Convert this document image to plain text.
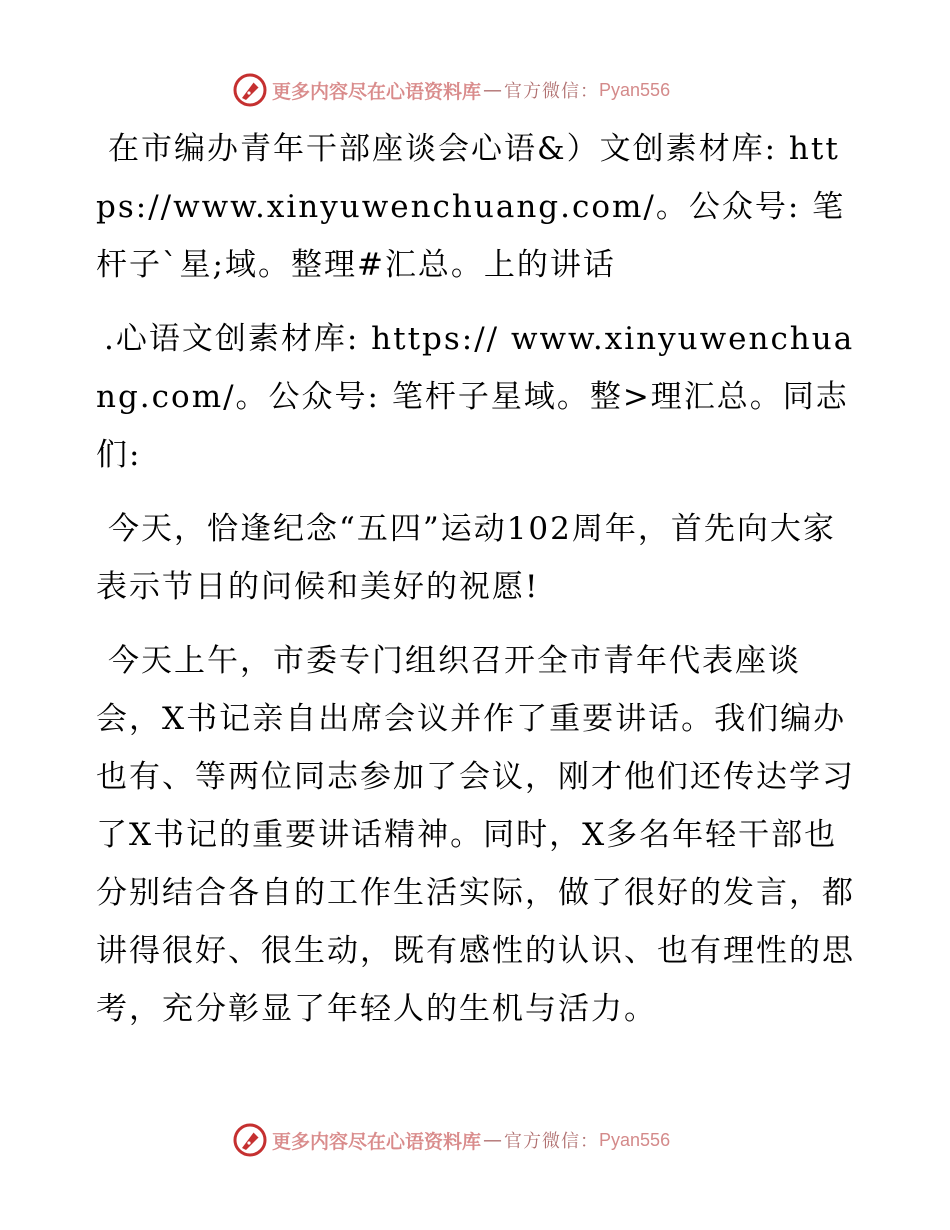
更多内容尽在心语资料库 — 官方微信： Pyan556

在市编办青年干部座谈会心语&）文创素材库: https://www.xinyuwenchuang.com/。公众号: 笔杆子`星;域。整理#汇总。上的讲话

.心语文创素材库: https:// www.xinyuwenchuang.com/。公众号: 笔杆子星域。整>理汇总。同志们:

今天，恰逢纪念“五四”运动102周年，首先向大家表示节日的问候和美好的祝愿!

今天上午，市委专门组织召开全市青年代表座谈会，X书记亲自出席会议并作了重要讲话。我们编办也有、等两位同志参加了会议，刚才他们还传达学习了X书记的重要讲话精神。同时，X多名年轻干部也分别结合各自的工作生活实际，做了很好的发言，都讲得很好、很生动，既有感性的认识、也有理性的思考，充分彰显了年轻人的生机与活力。

更多内容尽在心语资料库 — 官方微信： Pyan556
